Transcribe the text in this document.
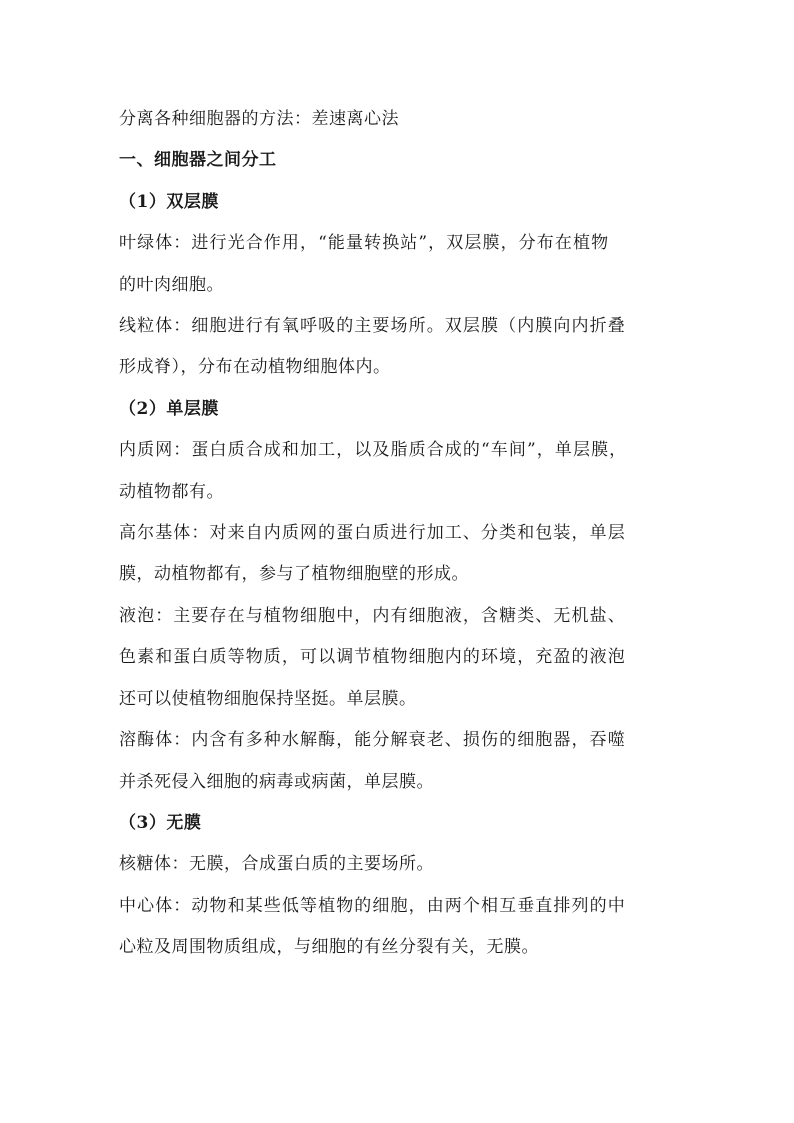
分离各种细胞器的方法：差速离心法
一、细胞器之间分工
（1）双层膜
叶绿体：进行光合作用，“能量转换站”，双层膜，分布在植物
的叶肉细胞。
线粒体：细胞进行有氧呼吸的主要场所。双层膜（内膜向内折叠
形成脊），分布在动植物细胞体内。
（2）单层膜
内质网：蛋白质合成和加工，以及脂质合成的“车间”，单层膜，
动植物都有。
高尔基体：对来自内质网的蛋白质进行加工、分类和包装，单层
膜，动植物都有，参与了植物细胞壁的形成。
液泡：主要存在与植物细胞中，内有细胞液，含糖类、无机盐、
色素和蛋白质等物质，可以调节植物细胞内的环境，充盈的液泡
还可以使植物细胞保持坚挺。单层膜。
溶酶体：内含有多种水解酶，能分解衰老、损伤的细胞器，吞噬
并杀死侵入细胞的病毒或病菌，单层膜。
（3）无膜
核糖体：无膜，合成蛋白质的主要场所。
中心体：动物和某些低等植物的细胞，由两个相互垂直排列的中
心粒及周围物质组成，与细胞的有丝分裂有关，无膜。
